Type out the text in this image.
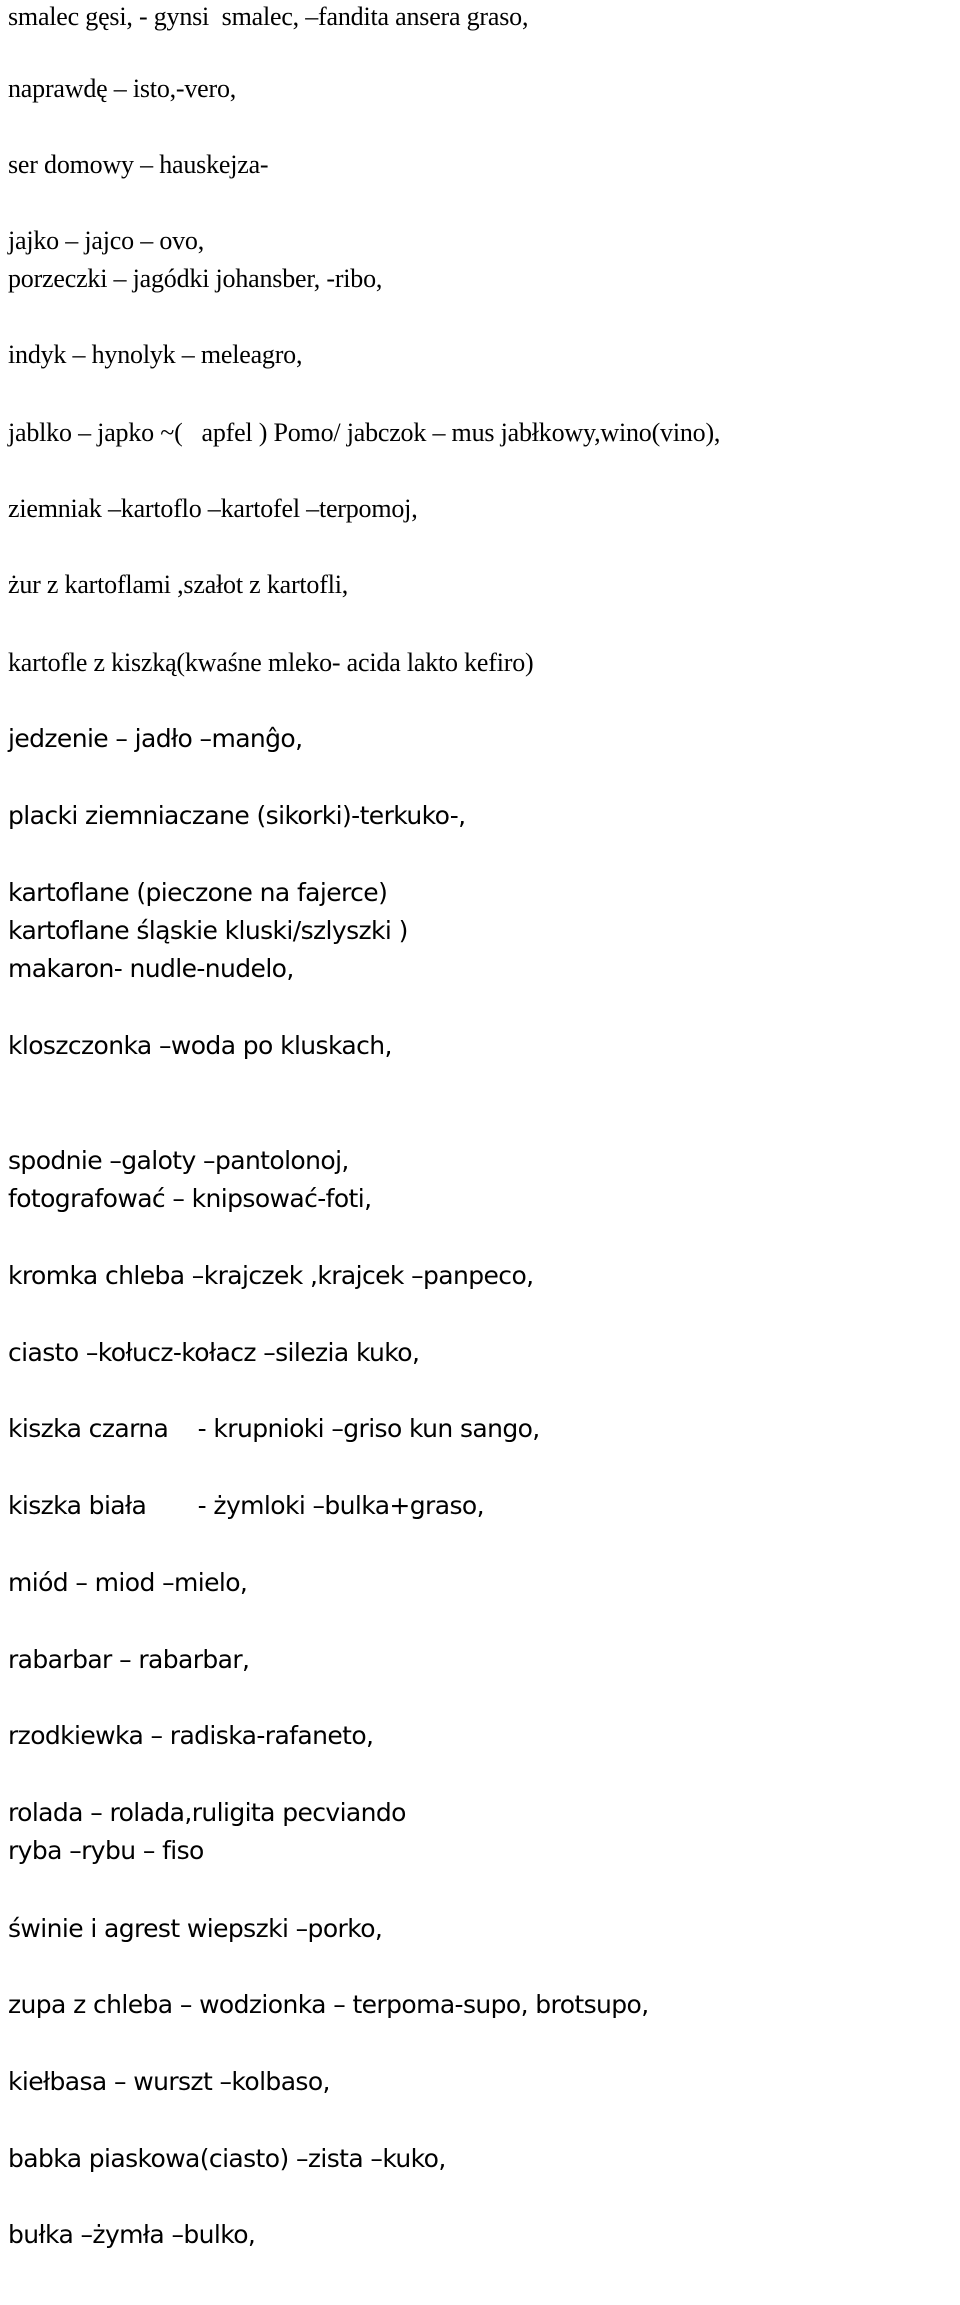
smalec gęsi, - gynsi  smalec, –fandita ansera graso,

naprawdę – isto,-vero,

ser domowy – hauskejza-

jajko – jajco – ovo,

porzeczki – jagódki johansber, -ribo,

indyk – hynolyk – meleagro,

jablko – japko ~(   apfel ) Pomo/ jabczok – mus jabłkowy,wino(vino),

ziemniak –kartoflo –kartofel –terpomoj,

żur z kartoflami ,szałot z kartofli,

kartofle z kiszką(kwaśne mleko- acida lakto kefiro)

jedzenie – jadło –manĝo,

placki ziemniaczane (sikorki)-terkuko-,

kartoflane (pieczone na fajerce)

kartoflane śląskie kluski/szlyszki )

makaron- nudle-nudelo,

kloszczonka –woda po kluskach,

spodnie –galoty –pantolonoj,

fotografować – knipsować-foti,

kromka chleba –krajczek ,krajcek –panpeco,

ciasto –kołucz-kołacz –silezia kuko,

kiszka czarna    - krupnioki –griso kun sango,

kiszka biała       - żymloki –bulka+graso,

miód – miod –mielo,

rabarbar – rabarbar,

rzodkiewka – radiska-rafaneto,

rolada – rolada,ruligita pecviando

ryba –rybu – fiso

świnie i agrest wiepszki –porko,

zupa z chleba – wodzionka – terpoma-supo, brotsupo,

kiełbasa – wurszt –kolbaso,

babka piaskowa(ciasto) –zista –kuko,

bułka –żymła –bulko,
